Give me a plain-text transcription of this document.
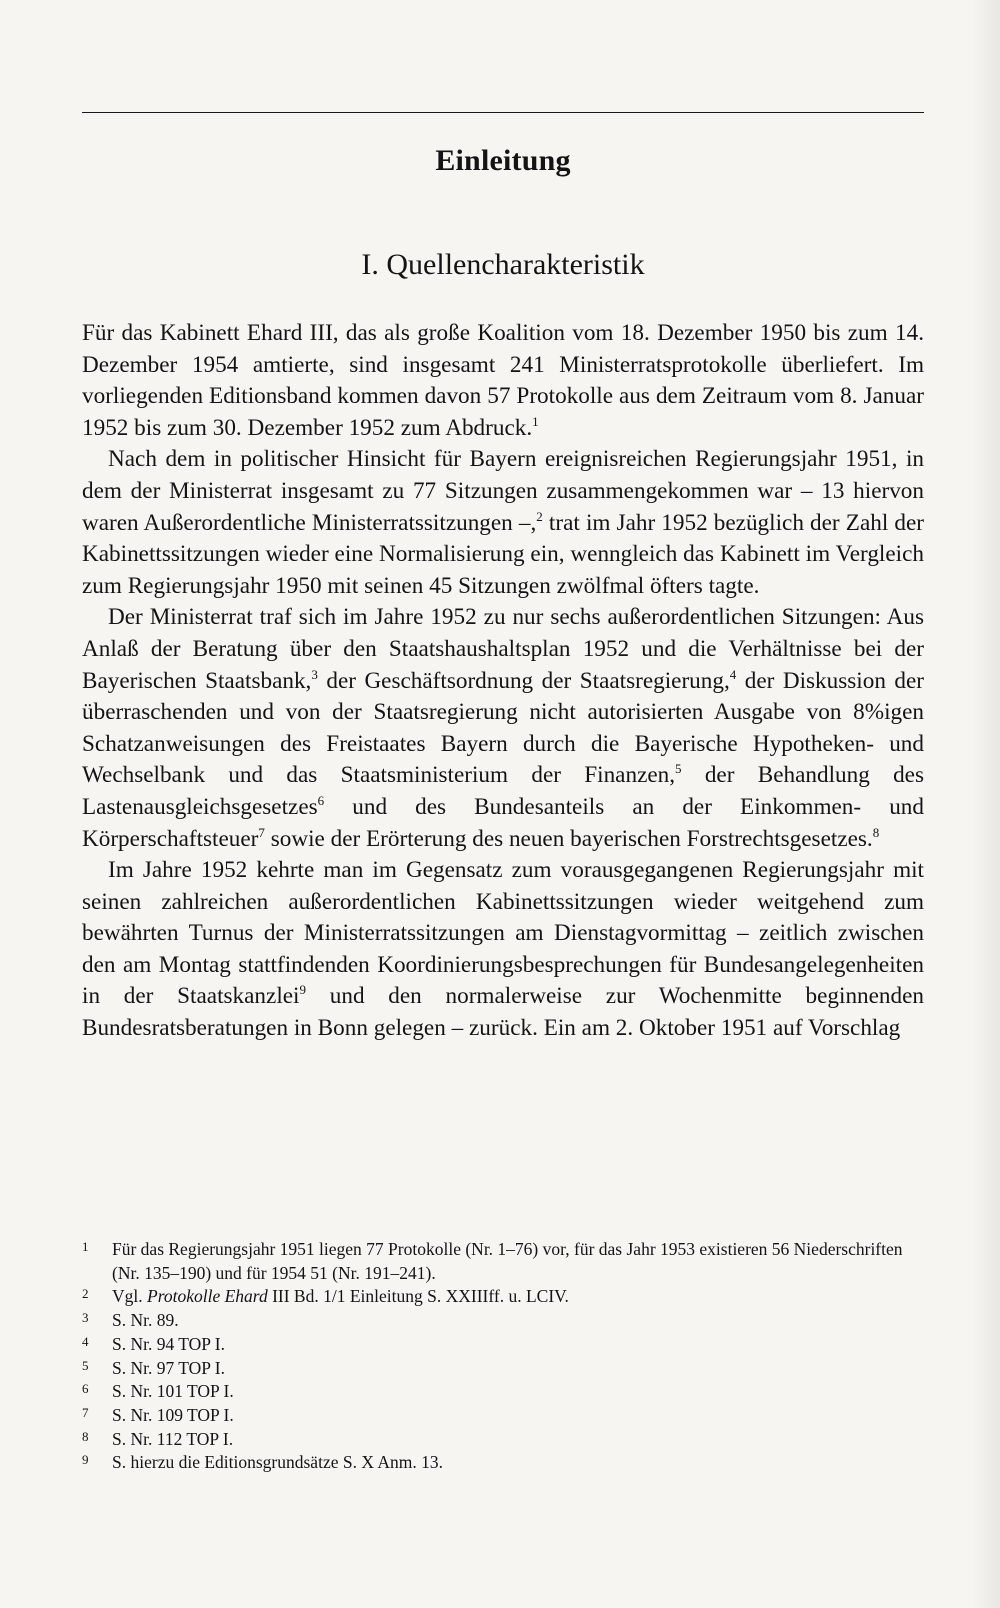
Einleitung
I. Quellencharakteristik

Für das Kabinett Ehard III, das als große Koalition vom 18. Dezember 1950 bis zum 14. Dezember 1954 amtierte, sind insgesamt 241 Ministerratsprotokolle überliefert. Im vorliegenden Editionsband kommen davon 57 Protokolle aus dem Zeitraum vom 8. Januar 1952 bis zum 30. Dezember 1952 zum Abdruck.$^1$

Nach dem in politischer Hinsicht für Bayern ereignisreichen Regierungsjahr 1951, in dem der Ministerrat insgesamt zu 77 Sitzungen zusammengekommen war – 13 hiervon waren Außerordentliche Ministerratssitzungen –,$^2$ trat im Jahr 1952 bezüglich der Zahl der Kabinettssitzungen wieder eine Normalisierung ein, wenngleich das Kabinett im Vergleich zum Regierungsjahr 1950 mit seinen 45 Sitzungen zwölfmal öfters tagte.

Der Ministerrat traf sich im Jahre 1952 zu nur sechs außerordentlichen Sitzungen: Aus Anlaß der Beratung über den Staatshaushaltsplan 1952 und die Verhältnisse bei der Bayerischen Staatsbank,$^3$ der Geschäftsordnung der Staatsregierung,$^4$ der Diskussion der überraschenden und von der Staatsregierung nicht autorisierten Ausgabe von 8%igen Schatzanweisungen des Freistaates Bayern durch die Bayerische Hypotheken- und Wechselbank und das Staatsministerium der Finanzen,$^5$ der Behandlung des Lastenausgleichsgesetzes$^6$ und des Bundesanteils an der Einkommen- und Körperschaftsteuer$^7$ sowie der Erörterung des neuen bayerischen Forstrechtsgesetzes.$^8$

Im Jahre 1952 kehrte man im Gegensatz zum vorausgegangenen Regierungsjahr mit seinen zahlreichen außerordentlichen Kabinettssitzungen wieder weitgehend zum bewährten Turnus der Ministerratssitzungen am Dienstagvormittag – zeitlich zwischen den am Montag stattfindenden Koordinierungsbesprechungen für Bundesangelegenheiten in der Staatskanzlei$^9$ und den normalerweise zur Wochenmitte beginnenden Bundesratsberatungen in Bonn gelegen – zurück. Ein am 2. Oktober 1951 auf Vorschlag

1	Für das Regierungsjahr 1951 liegen 77 Protokolle (Nr. 1–76) vor, für das Jahr 1953 existieren 56 Niederschriften (Nr. 135–190) und für 1954 51 (Nr. 191–241).
2	Vgl. Protokolle Ehard III Bd. 1/1 Einleitung S. XXIIIff. u. LCIV.
3	S. Nr. 89.
4	S. Nr. 94 TOP I.
5	S. Nr. 97 TOP I.
6	S. Nr. 101 TOP I.
7	S. Nr. 109 TOP I.
8	S. Nr. 112 TOP I.
9	S. hierzu die Editionsgrundsätze S. X Anm. 13.
